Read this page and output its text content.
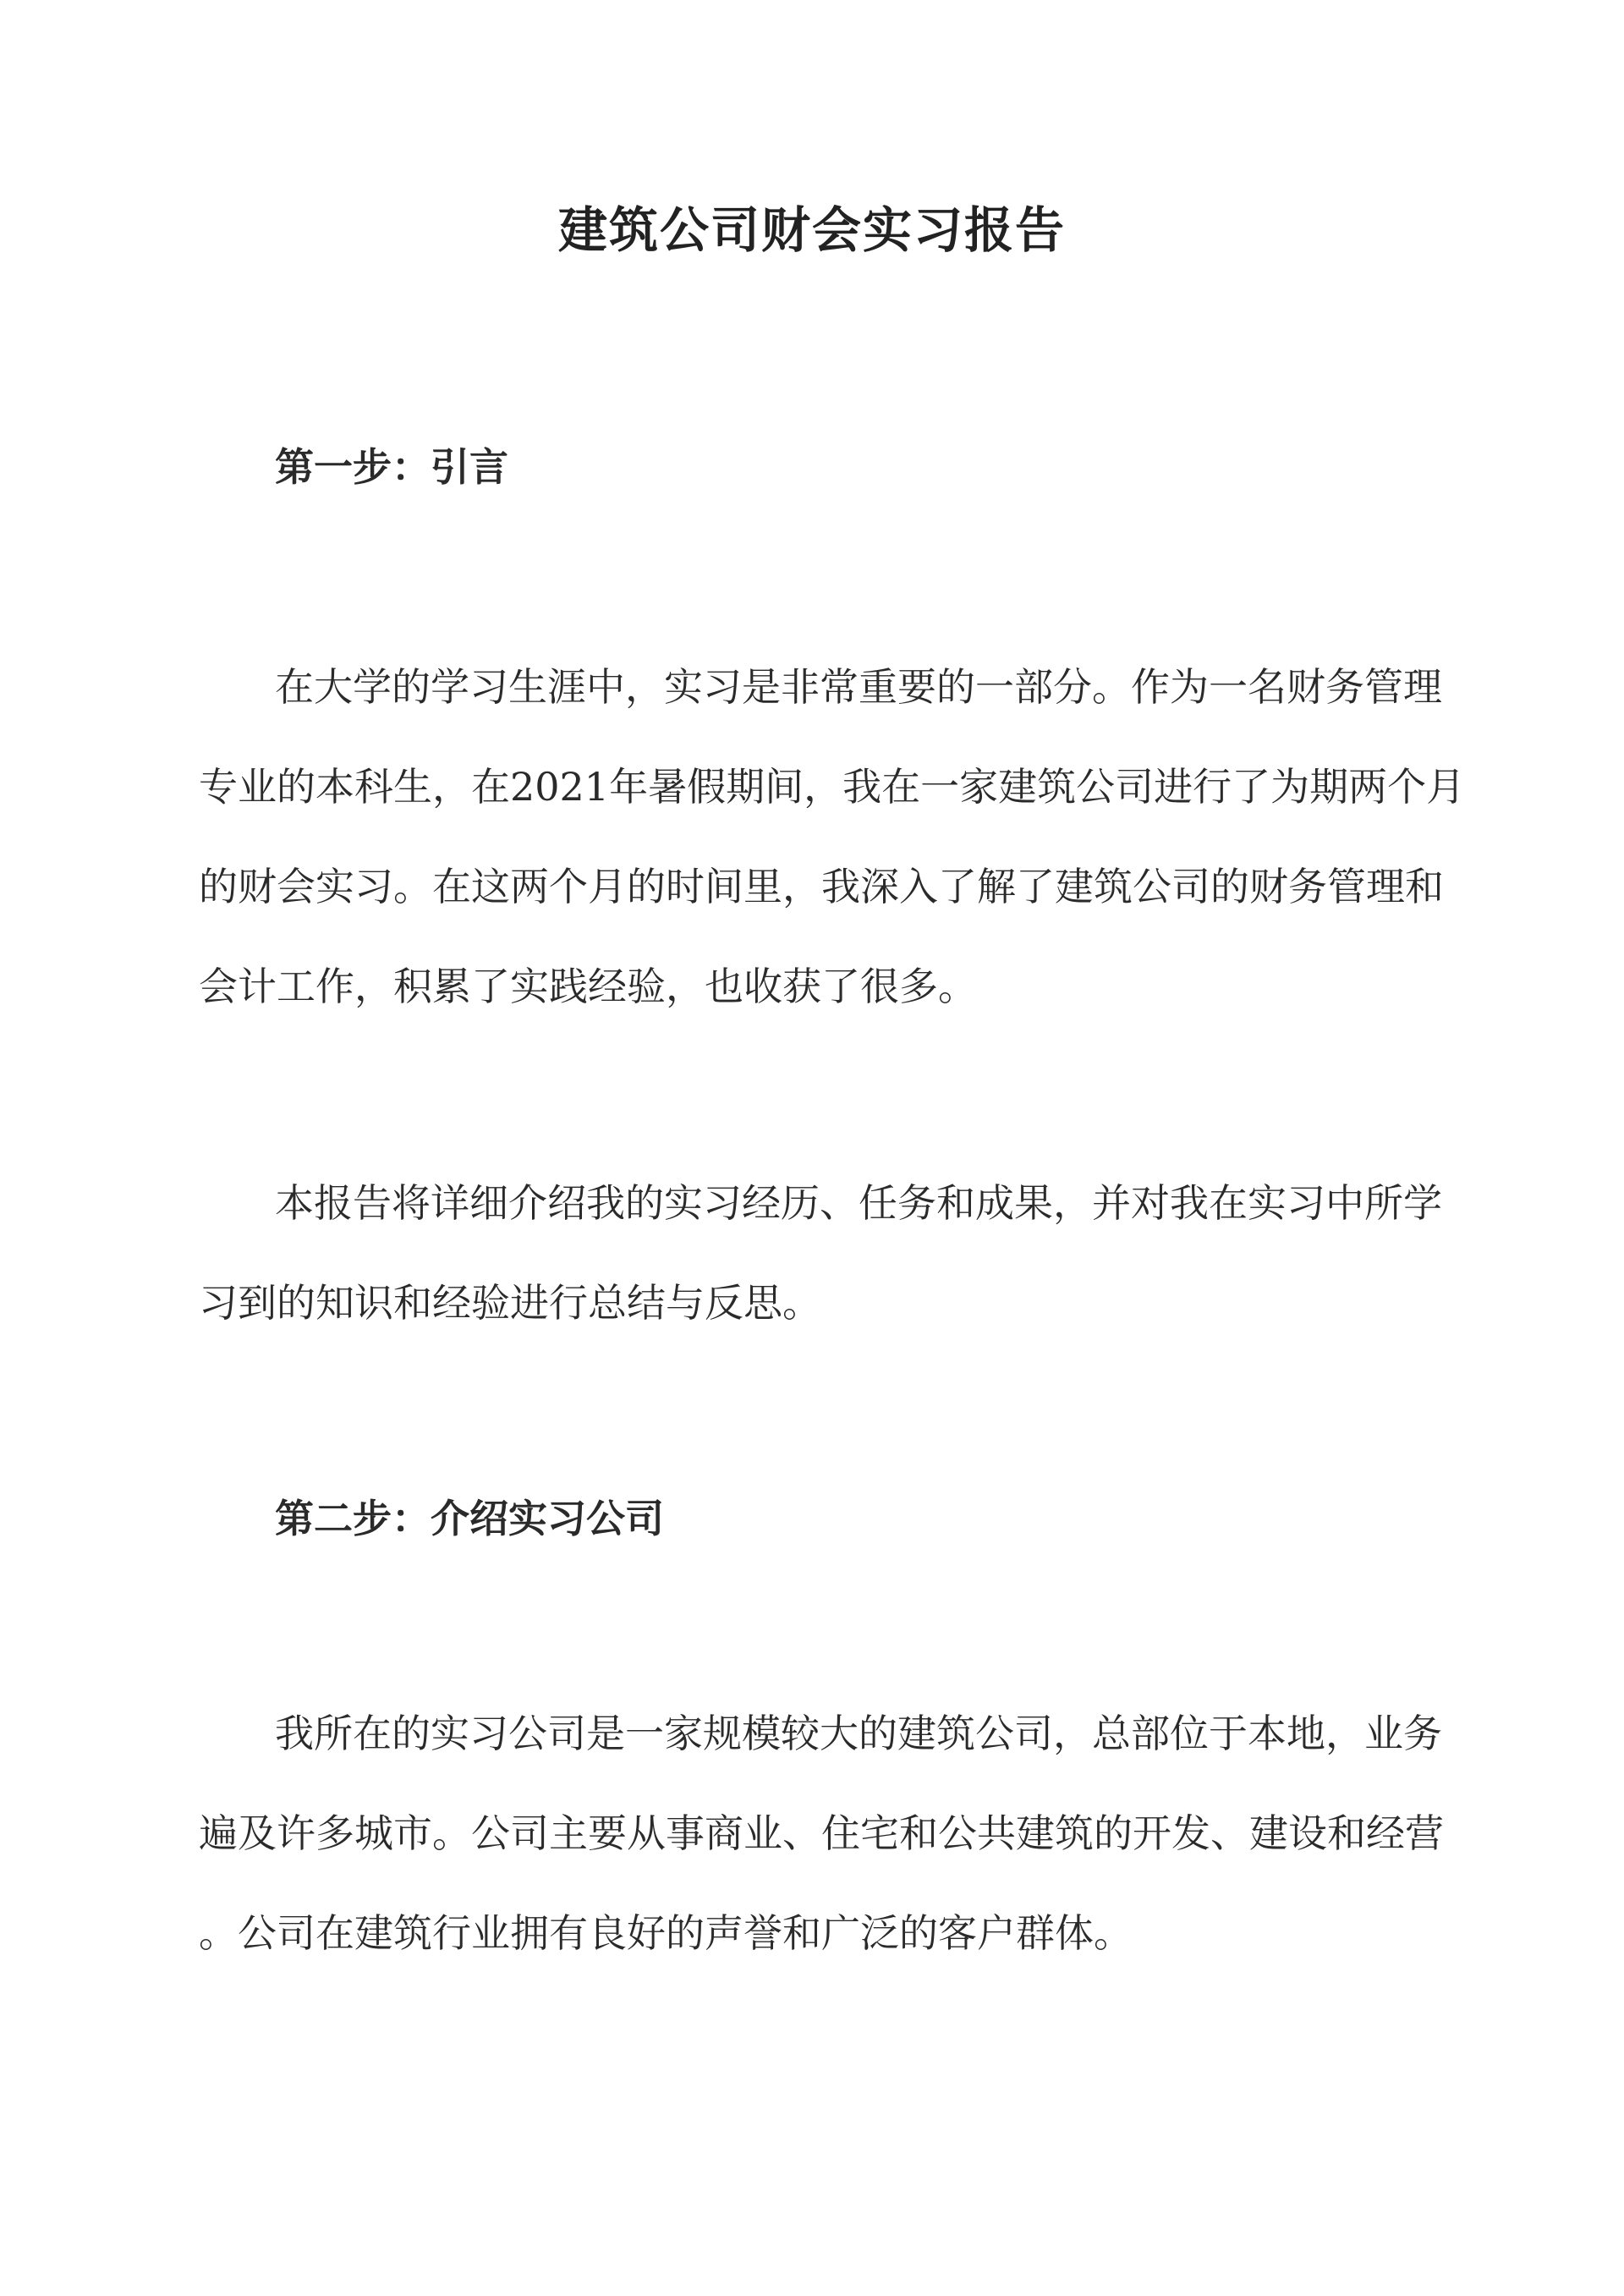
建筑公司财会实习报告
第一步：引言

在大学的学习生涯中，实习是非常重要的一部分。作为一名财务管理
专业的本科生，在2021年暑假期间，我在一家建筑公司进行了为期两个月
的财会实习。在这两个月的时间里，我深入了解了建筑公司的财务管理和
会计工作，积累了实践经验，也收获了很多。

本报告将详细介绍我的实习经历、任务和成果，并对我在实习中所学
习到的知识和经验进行总结与反思。

第二步：介绍实习公司

我所在的实习公司是一家规模较大的建筑公司，总部位于本地，业务
遍及许多城市。公司主要从事商业、住宅和公共建筑的开发、建设和经营
。公司在建筑行业拥有良好的声誉和广泛的客户群体。
